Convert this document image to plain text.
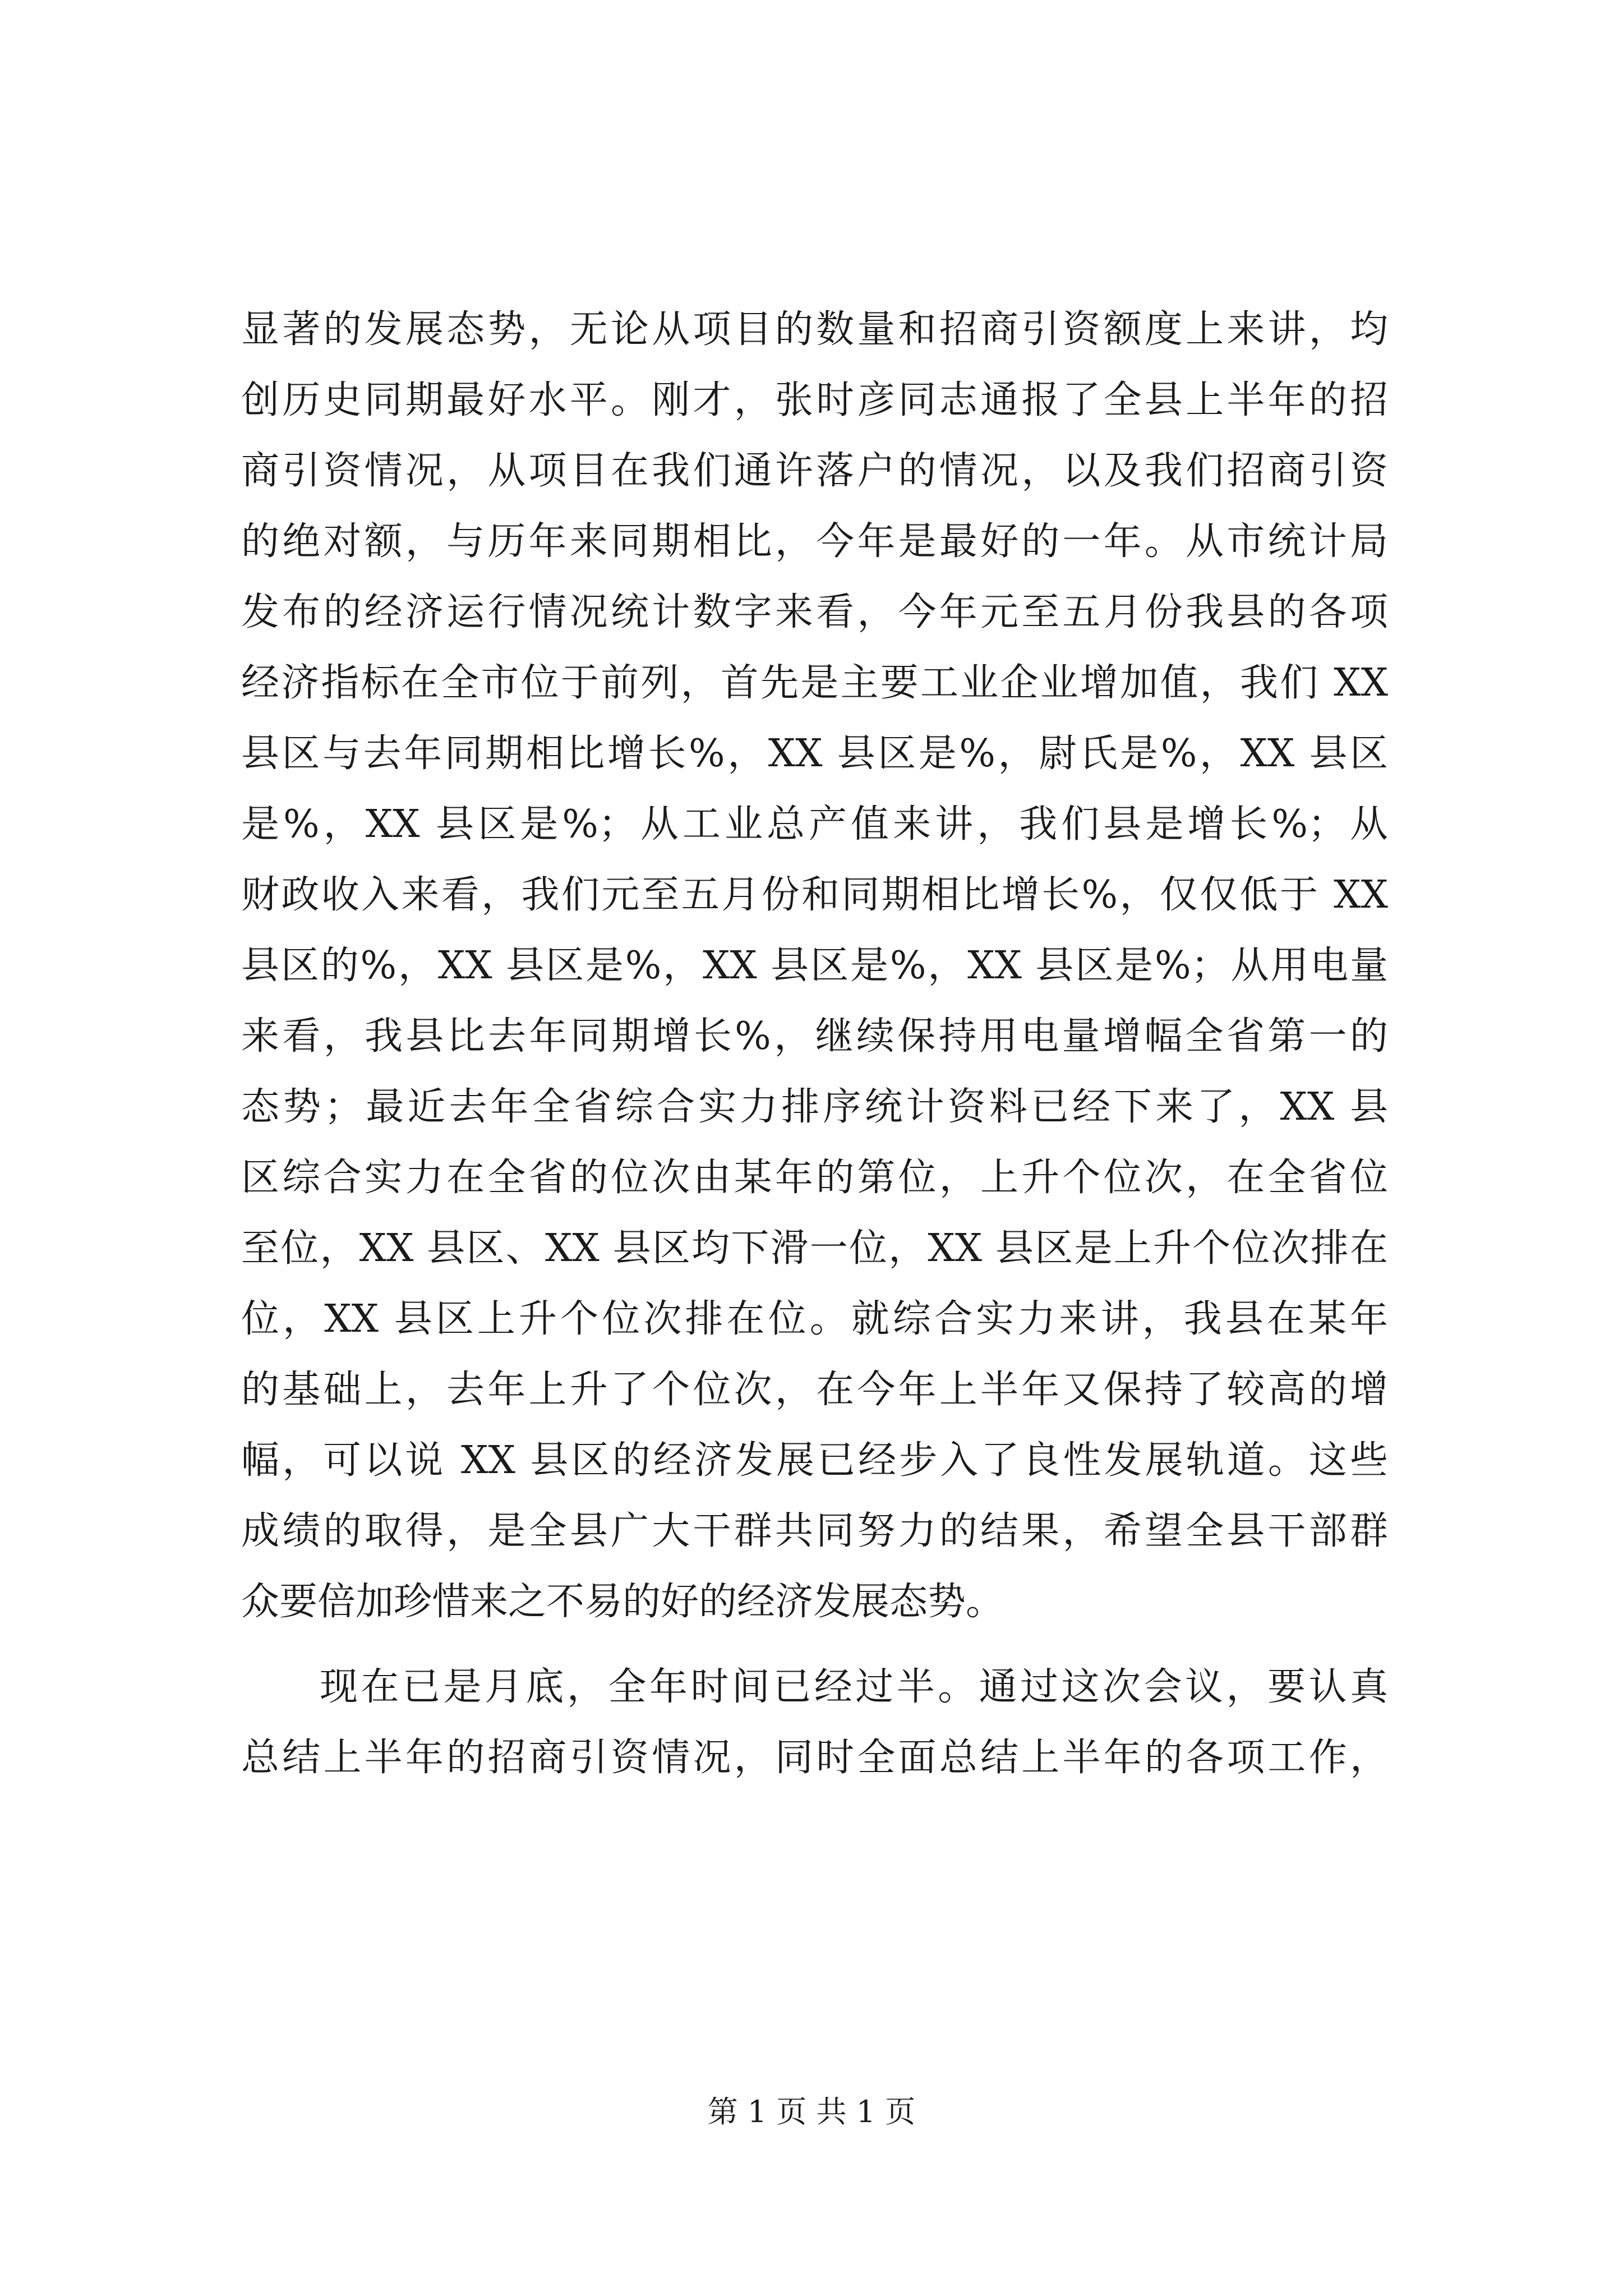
显著的发展态势，无论从项目的数量和招商引资额度上来讲，均
创历史同期最好水平。刚才，张时彦同志通报了全县上半年的招
商引资情况，从项目在我们通许落户的情况，以及我们招商引资
的绝对额，与历年来同期相比，今年是最好的一年。从市统计局
发布的经济运行情况统计数字来看，今年元至五月份我县的各项
经济指标在全市位于前列，首先是主要工业企业增加值，我们 XX
县区与去年同期相比增长%，XX 县区是%，尉氏是%，XX 县区
是%，XX 县区是%；从工业总产值来讲，我们县是增长%；从
财政收入来看，我们元至五月份和同期相比增长%，仅仅低于 XX
县区的%，XX 县区是%，XX 县区是%，XX 县区是%；从用电量
来看，我县比去年同期增长%，继续保持用电量增幅全省第一的
态势；最近去年全省综合实力排序统计资料已经下来了，XX 县
区综合实力在全省的位次由某年的第位，上升个位次，在全省位
至位，XX 县区、XX 县区均下滑一位，XX 县区是上升个位次排在
位，XX 县区上升个位次排在位。就综合实力来讲，我县在某年
的基础上，去年上升了个位次，在今年上半年又保持了较高的增
幅，可以说 XX 县区的经济发展已经步入了良性发展轨道。这些
成绩的取得，是全县广大干群共同努力的结果，希望全县干部群
众要倍加珍惜来之不易的好的经济发展态势。
现在已是月底，全年时间已经过半。通过这次会议，要认真
总结上半年的招商引资情况，同时全面总结上半年的各项工作，
第 1 页 共 1 页
